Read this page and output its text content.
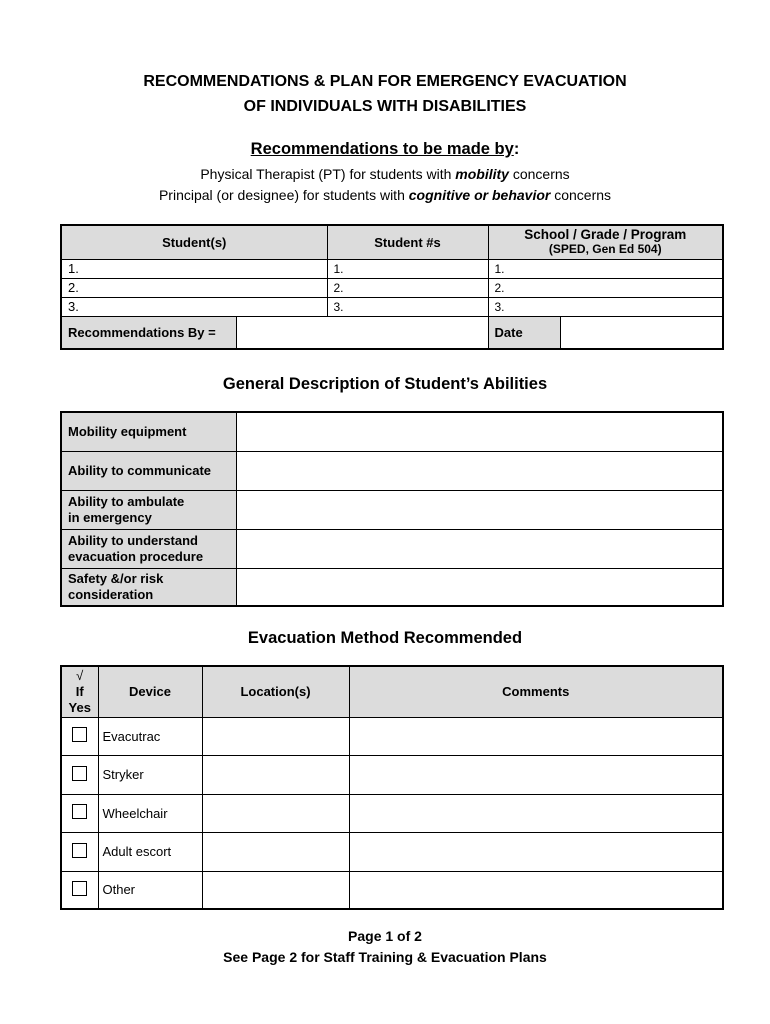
RECOMMENDATIONS & PLAN FOR EMERGENCY EVACUATION
OF INDIVIDUALS WITH DISABILITIES
Recommendations to be made by:
Physical Therapist (PT) for students with mobility concerns
Principal (or designee) for students with cognitive or behavior concerns
Student(s)		Student #s	School / Grade / Program
(SPED, Gen Ed 504)	

1.		1.	1.	
2.		2.	2.	
3.		3.	3.	
Recommendations By =			Date	
General Description of Student’s Abilities
Mobility equipment	

Ability to communicate	

Ability to ambulate
in emergency	

Ability to understand
evacuation procedure	

Safety &/or risk
consideration	

Evacuation Method Recommended
√
If
Yes	Device	Location(s)	Comments
	Evacutrac		
	Stryker		
	Wheelchair		
	Adult escort		
	Other		
Page 1 of 2
See Page 2 for Staff Training & Evacuation Plans
